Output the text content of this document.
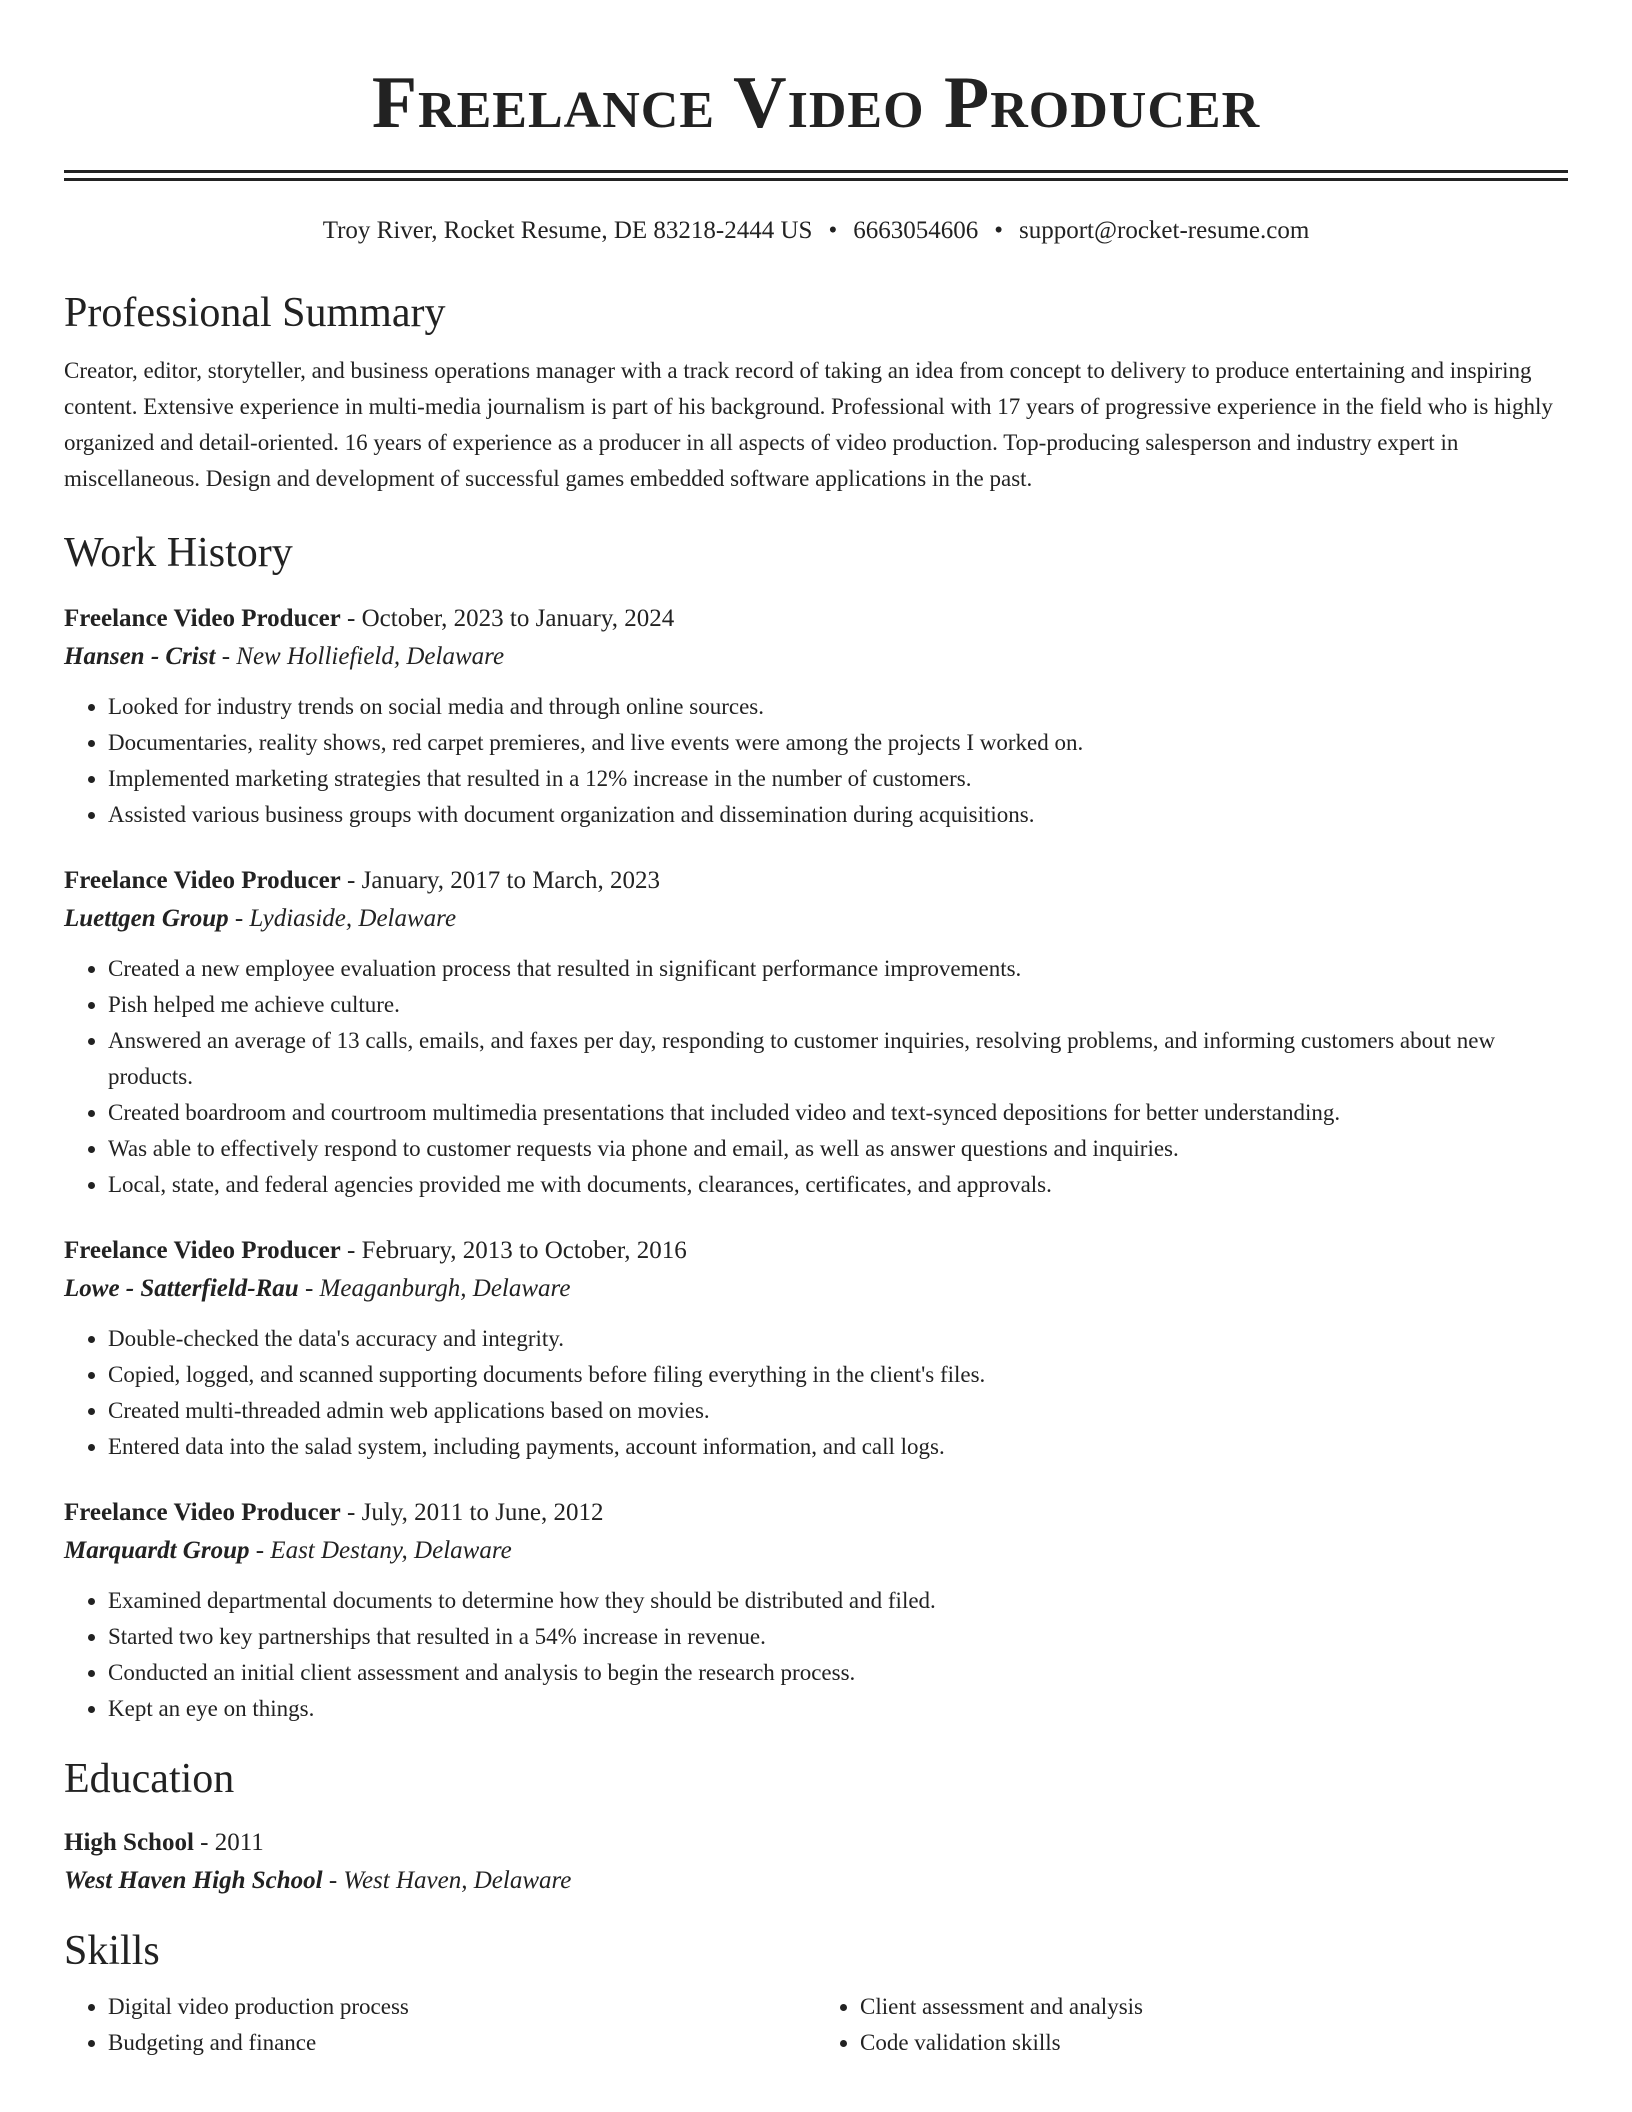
Freelance Video Producer
Troy River, Rocket Resume, DE 83218-2444 US • 6663054606 • support@rocket-resume.com
Professional Summary
Creator, editor, storyteller, and business operations manager with a track record of taking an idea from concept to delivery to produce entertaining and inspiring content. Extensive experience in multi-media journalism is part of his background. Professional with 17 years of progressive experience in the field who is highly organized and detail-oriented. 16 years of experience as a producer in all aspects of video production. Top-producing salesperson and industry expert in miscellaneous. Design and development of successful games embedded software applications in the past.
Work History
Freelance Video Producer - October, 2023 to January, 2024
Hansen - Crist - New Holliefield, Delaware
• Looked for industry trends on social media and through online sources.
• Documentaries, reality shows, red carpet premieres, and live events were among the projects I worked on.
• Implemented marketing strategies that resulted in a 12% increase in the number of customers.
• Assisted various business groups with document organization and dissemination during acquisitions.
Freelance Video Producer - January, 2017 to March, 2023
Luettgen Group - Lydiaside, Delaware
• Created a new employee evaluation process that resulted in significant performance improvements.
• Pish helped me achieve culture.
• Answered an average of 13 calls, emails, and faxes per day, responding to customer inquiries, resolving problems, and informing customers about new products.
• Created boardroom and courtroom multimedia presentations that included video and text-synced depositions for better understanding.
• Was able to effectively respond to customer requests via phone and email, as well as answer questions and inquiries.
• Local, state, and federal agencies provided me with documents, clearances, certificates, and approvals.
Freelance Video Producer - February, 2013 to October, 2016
Lowe - Satterfield-Rau - Meaganburgh, Delaware
• Double-checked the data's accuracy and integrity.
• Copied, logged, and scanned supporting documents before filing everything in the client's files.
• Created multi-threaded admin web applications based on movies.
• Entered data into the salad system, including payments, account information, and call logs.
Freelance Video Producer - July, 2011 to June, 2012
Marquardt Group - East Destany, Delaware
• Examined departmental documents to determine how they should be distributed and filed.
• Started two key partnerships that resulted in a 54% increase in revenue.
• Conducted an initial client assessment and analysis to begin the research process.
• Kept an eye on things.
Education
High School - 2011
West Haven High School - West Haven, Delaware
Skills
• Digital video production process
• Budgeting and finance
• Client assessment and analysis
• Code validation skills
